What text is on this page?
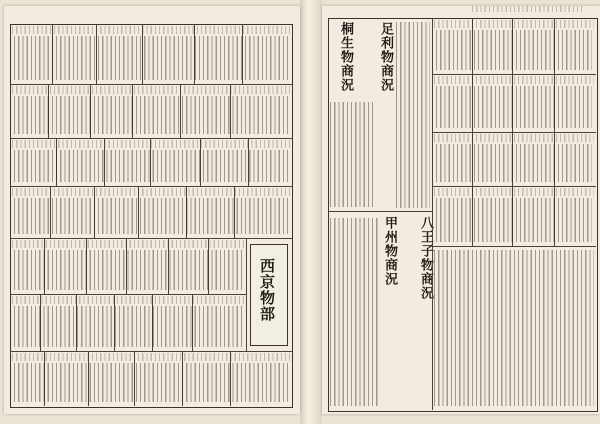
西京物部
足利物商況
桐生物商況
八王子物商況
甲州物商況
